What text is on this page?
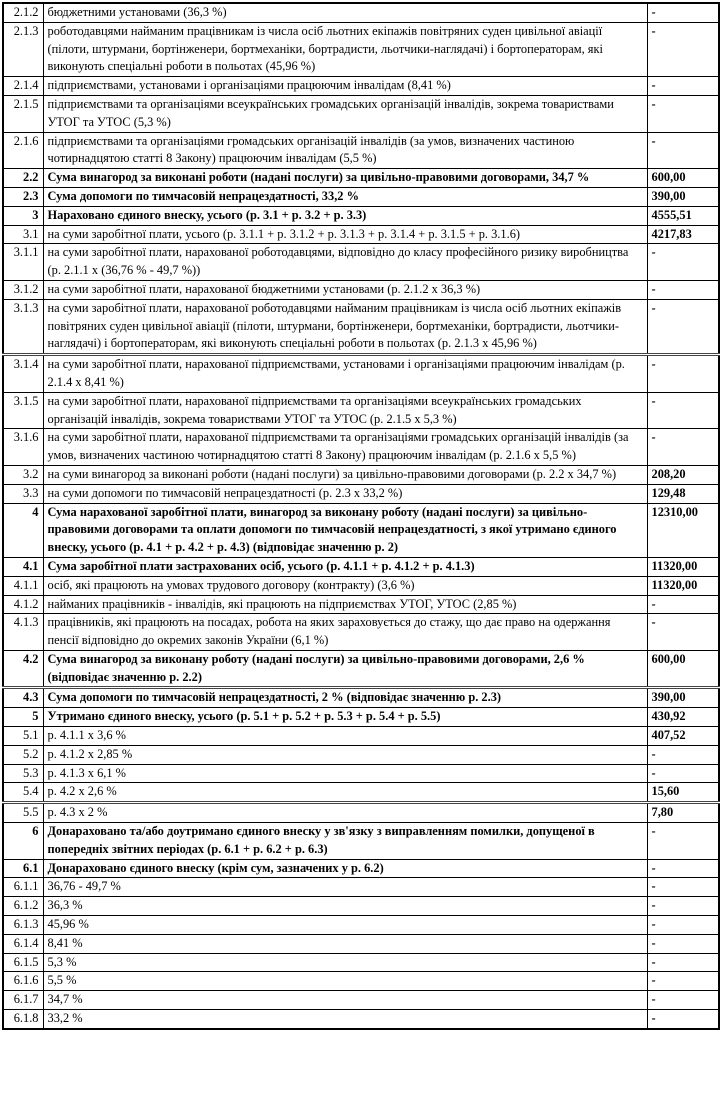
2.1.2	бюджетними установами (36,3 %)	-
2.1.3	роботодавцями найманим працівникам із числа осіб льотних екіпажів повітряних суден цивільної авіації (пілоти, штурмани, бортінженери, бортмеханіки, бортрадисти, льотчики-наглядачі) і бортоператорам, які виконують спеціальні роботи в польотах (45,96 %)	-
2.1.4	підприємствами, установами і організаціями працюючим інвалідам (8,41 %)	-
2.1.5	підприємствами та організаціями всеукраїнських громадських організацій інвалідів, зокрема товариствами УТОГ та УТОС (5,3 %)	-
2.1.6	підприємствами та організаціями громадських організацій інвалідів (за умов, визначених частиною чотирнадцятою статті 8 Закону) працюючим інвалідам (5,5 %)	-
2.2	Сума винагород за виконані роботи (надані послуги) за цивільно-правовими договорами, 34,7 %	600,00
2.3	Сума допомоги по тимчасовій непрацездатності, 33,2 %	390,00
3	Нараховано єдиного внеску, усього (р. 3.1 + р. 3.2 + р. 3.3)	4555,51
3.1	на суми заробітної плати, усього (р. 3.1.1 + р. 3.1.2 + р. 3.1.3 + р. 3.1.4 + р. 3.1.5 + р. 3.1.6)	4217,83
3.1.1	на суми заробітної плати, нарахованої роботодавцями, відповідно до класу професійного ризику виробництва (р. 2.1.1 х (36,76 % - 49,7 %))	-
3.1.2	на суми заробітної плати, нарахованої бюджетними установами (р. 2.1.2 х 36,3 %)	-
3.1.3	на суми заробітної плати, нарахованої роботодавцями найманим працівникам із числа осіб льотних екіпажів повітряних суден цивільної авіації (пілоти, штурмани, бортінженери, бортмеханіки, бортрадисти, льотчики-наглядачі) і бортоператорам, які виконують спеціальні роботи в польотах (р. 2.1.3 х 45,96 %)	-
3.1.4	на суми заробітної плати, нарахованої підприємствами, установами і організаціями працюючим інвалідам (р. 2.1.4 х 8,41 %)	-
3.1.5	на суми заробітної плати, нарахованої підприємствами та організаціями всеукраїнських громадських організацій інвалідів, зокрема товариствами УТОГ та УТОС (р. 2.1.5 х 5,3 %)	-
3.1.6	на суми заробітної плати, нарахованої підприємствами та організаціями громадських організацій інвалідів (за умов, визначених частиною чотирнадцятою статті 8 Закону) працюючим інвалідам (р. 2.1.6 х 5,5 %)	-
3.2	на суми винагород за виконані роботи (надані послуги) за цивільно-правовими договорами (р. 2.2 х 34,7 %)	208,20
3.3	на суми допомоги по тимчасовій непрацездатності (р. 2.3 х 33,2 %)	129,48
4	Сума нарахованої заробітної плати, винагород за виконану роботу (надані послуги) за цивільно-правовими договорами та оплати допомоги по тимчасовій непрацездатності, з якої утримано єдиного внеску, усього (р. 4.1 + р. 4.2 + р. 4.3) (відповідає значенню р. 2)	12310,00
4.1	Сума заробітної плати застрахованих осіб, усього (р. 4.1.1 + р. 4.1.2 + р. 4.1.3)	11320,00
4.1.1	осіб, які працюють на умовах трудового договору (контракту) (3,6 %)	11320,00
4.1.2	найманих працівників - інвалідів, які працюють на підприємствах УТОГ, УТОС (2,85 %)	-
4.1.3	працівників, які працюють на посадах, робота на яких зараховується до стажу, що дає право на одержання пенсії відповідно до окремих законів України (6,1 %)	-
4.2	Сума винагород за виконану роботу (надані послуги) за цивільно-правовими договорами, 2,6 % (відповідає значенню р. 2.2)	600,00
4.3	Сума допомоги по тимчасовій непрацездатності, 2 % (відповідає значенню р. 2.3)	390,00
5	Утримано єдиного внеску, усього (р. 5.1 + р. 5.2 + р. 5.3 + р. 5.4 + р. 5.5)	430,92
5.1	р. 4.1.1 х 3,6 %	407,52
5.2	р. 4.1.2 х 2,85 %	-
5.3	р. 4.1.3 х 6,1 %	-
5.4	р. 4.2 х 2,6 %	15,60
5.5	р. 4.3 х 2 %	7,80
6	Донараховано та/або доутримано єдиного внеску у зв'язку з виправленням помилки, допущеної в попередніх звітних періодах (р. 6.1 + р. 6.2 + р. 6.3)	-
6.1	Донараховано єдиного внеску (крім сум, зазначених у р. 6.2)	-
6.1.1	36,76 - 49,7 %	-
6.1.2	36,3 %	-
6.1.3	45,96 %	-
6.1.4	8,41 %	-
6.1.5	5,3 %	-
6.1.6	5,5 %	-
6.1.7	34,7 %	-
6.1.8	33,2 %	-
